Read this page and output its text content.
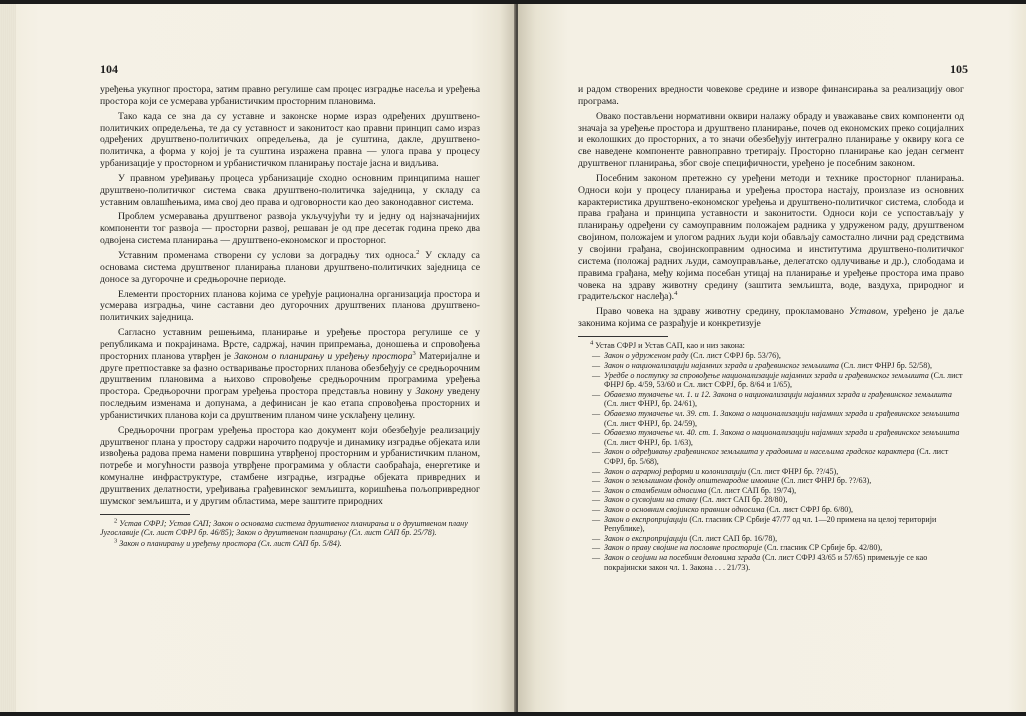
104

уређења укупног простора, затим правно регулише сам процес изградње насеља и уређења простора који се усмерава урбанистичким просторним плановима.

Тако када се зна да су уставне и законске норме израз одређених друштвено-политичких опредељења, те да су уставност и законитост као правни принцип само израз одређених друштвено-политичких опредељења, да је суштина, дакле, друштвено-политичка, а форма у којој је та суштина изражена правна — улога права у процесу урбанизације у просторном и урбанистичком планирању постаје јасна и видљива.

У правном уређивању процеса урбанизације сходно основним принципима нашег друштвено-политичког система свака друштвено-политичка заједница, у складу са уставним овлашћењима, има свој део права и одговорности као део законодавног система.

Проблем усмеравања друштвеног развоја укључујући ту и једну од најзначајнијих компоненти тог развоја — просторни развој, решаван је од пре десетак година преко два одвојена система планирања — друштвено-економског и просторног.

Уставним променама створени су услови за доградњу тих односа.$^2$ У складу са основама система друштвеног планирања планови друштвено-политичких заједница се доносе за дугорочне и средњорочне периоде.

Елементи просторних планова којима се уређује рационална организација простора и усмерава изградња, чине саставни део дугорочних друштвених планова друштвено-политичких заједница.

Сагласно уставним решењима, планирање и уређење простора регулише се у републикама и покрајинама. Врсте, садржај, начин припремања, доношења и спровођења просторних планова утврђен је Законом о планирању и уређењу простора$^3$ Материјалне и друге претпоставке за фазно остваривање просторних планова обезбеђују се средњорочним друштвеним плановима а њихово спровођење средњорочним програмима уређења простора. Средњорочни програм уређења простора представља новину у Закону уведену последњим изменама и допунама, а дефинисан је као етапа спровођења просторних и урбанистичких планова који са друштвеним планом чине усклађену целину.

Средњорочни програм уређења простора као документ који обезбеђује реализацију друштвеног плана у простору садржи нарочито подручје и динамику изградње објеката или извођења радова према намени површина утврђеној просторним и урбанистичким планом, потребе и могућности развоја утврђене програмима у области саобраћаја, енергетике и комуналне инфраструктуре, стамбене изградње, изградње објеката привредних и друштвених делатности, уређивања грађевинског земљишта, коришћења пољопривредног шумског земљишта, и у другим областима, мере заштите природних

$^2$ Устав СФРЈ; Устав САП; Закон о основама система друштвеног планирања и о друштвеном плану Југославије (Сл. лист СФРЈ бр. 46/85); Закон о друштвеном планирању (Сл. лист САП бр. 25/78).

$^3$ Закон о планирању и уређењу простора (Сл. лист САП бр. 5/84).

105

и радом створених вредности човекове средине и изворе финансирања за реализацију овог програма.

Овако постављени нормативни оквири налажу обраду и уважавање свих компоненти од значаја за уређење простора и друштвено планирање, почев од економских преко социјалних и еколошких до просторних, а то значи обезбеђују интегрално планирање у оквиру кога се све наведене компоненте равноправно третирају. Просторно планирање као један сегмент друштвеног планирања, због своје специфичности, уређено је посебним законом.

Посебним законом претежно су уређени методи и технике просторног планирања. Односи који у процесу планирања и уређења простора настају, произлазе из основних карактеристика друштвено-економског уређења и друштвено-политичког система, слобода и права грађана и принципа уставности и законитости. Односи који се успостављају у планирању одређени су самоуправним положајем радника у удруженом раду, друштвеном својином, положајем и улогом радних људи који обављају самостално лични рад средствима у својини грађана, својинскоправним односима и институтима друштвено-политичког система (положај радних људи, самоуправљање, делегатско одлучивање и др.), слободама и правима грађана, међу којима посебан утицај на планирање и уређење простора има право човека на здраву животну средину (заштита земљишта, воде, ваздуха, природног и градитељског наслеђа).$^4$

Право човека на здраву животну средину, прокламовано Уставом, уређено је даље законима којима се разрађује и конкретизује

$^4$ Устав СФРЈ и Устав САП, као и низ закона:

— Закон о удруженом раду (Сл. лист СФРЈ бр. 53/76),
— Закон о национализацији најамних зграда и грађевинског земљишта (Сл. лист ФНРЈ бр. 52/58),
— Уредбе о поступку за спровођење национализације најамних зграда и грађевинског земљишта (Сл. лист ФНРЈ бр. 4/59, 53/60 и Сл. лист СФРЈ, бр. 8/64 и 1/65),
— Обавезно тумачење чл. 1. и 12. Закона о национализацији најамних зграда и грађевинског земљишта (Сл. лист ФНРЈ, бр. 24/61),
— Обавезно тумачење чл. 39. ст. 1. Закона о национализацији најамних зграда и грађевинског земљишта (Сл. лист ФНРЈ, бр. 24/59),
— Обавезно тумачење чл. 40. ст. 1. Закона о национализацији најамних зграда и грађевинског земљишта (Сл. лист ФНРЈ, бр. 1/63),
— Закон о одређивању грађевинског земљишта у градовима и насељима градског карактера (Сл. лист СФРЈ, бр. 5/68),
— Закон о аграрној реформи и колонизацији (Сл. лист ФНРЈ бр. ??/45),
— Закон о земљишном фонду општенародне имовине (Сл. лист ФНРЈ бр. ??/63),
— Закон о стамбеним односима (Сл. лист САП бр. 19/74),
— Закон о сусвојини на стану (Сл. лист САП бр. 28/80),
— Закон о основним својинско правним односима (Сл. лист СФРЈ бр. 6/80),
— Закон о експропријацији (Сл. гласник СР Србије 47/77 од чл. 1—20 примена на целој територији Републике),
— Закон о експропријацији (Сл. лист САП бр. 16/78),
— Закон о праву својине на пословне просторије (Сл. гласник СР Србије бр. 42/80),
— Закон о сеојини на посебним деловима зграда (Сл. лист СФРЈ 43/65 и 57/65) примењује се као покрајински закон чл. 1. Закона . . . 21/73).
